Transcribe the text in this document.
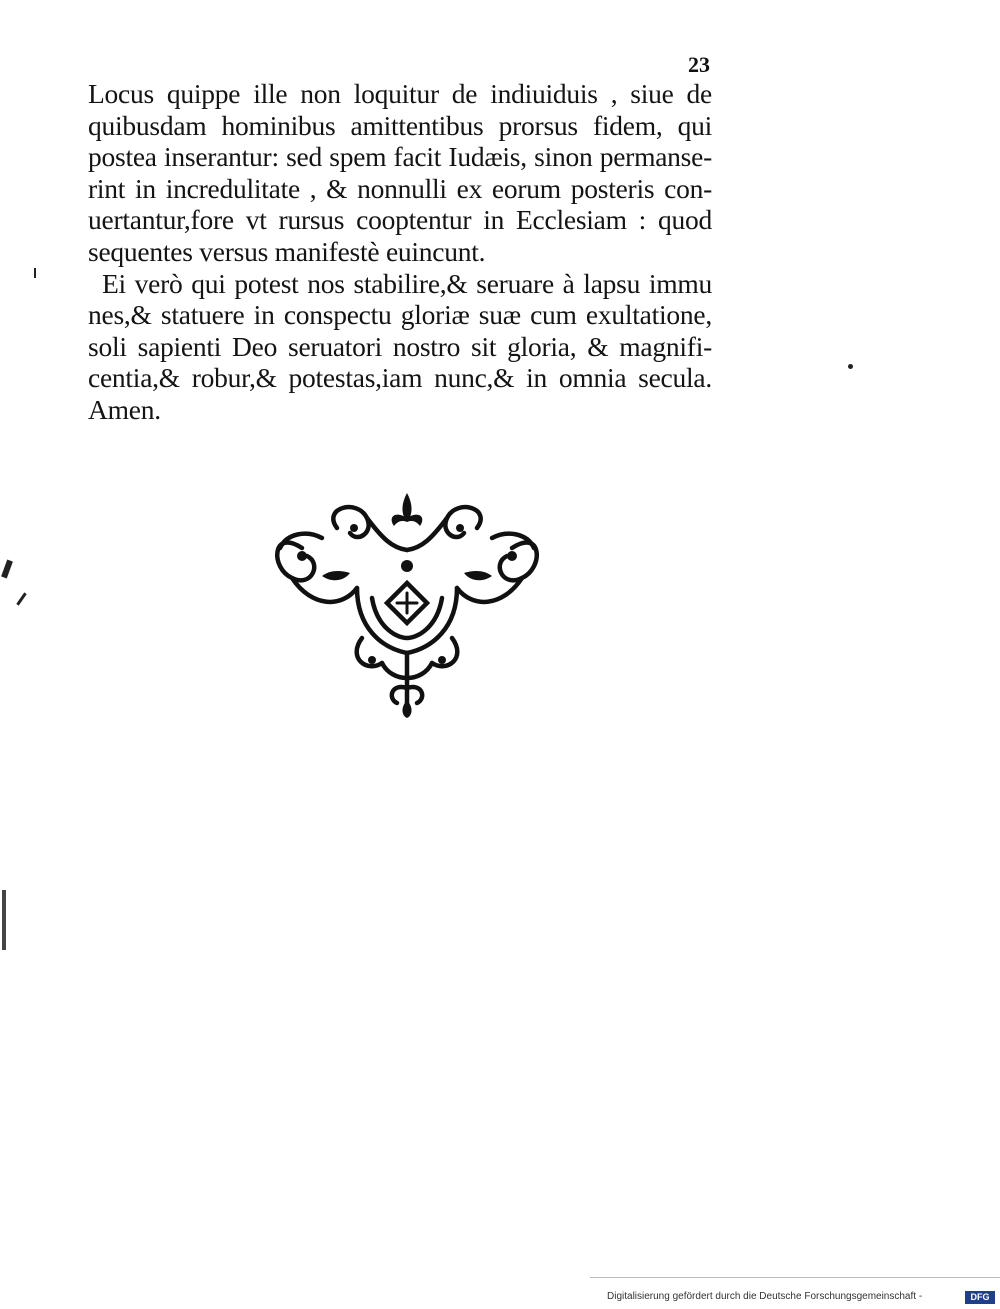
23
Locus quippe ille non loquitur de indiuiduis , siue de
quibusdam hominibus amittentibus prorsus fidem, qui
postea inserantur: sed spem facit Iudæis, sinon permanse-
rint in incredulitate , & nonnulli ex eorum posteris con-
uertantur,fore vt rursus cooptentur in Ecclesiam : quod
sequentes versus manifestè euincunt.
Ei verò qui potest nos stabilire,& seruare à lapsu immu
nes,& statuere in conspectu gloriæ suæ cum exultatione,
soli sapienti Deo seruatori nostro sit gloria, & magnifi-
centia,& robur,& potestas,iam nunc,& in omnia secula.
Amen.
Digitalisierung gefördert durch die Deutsche Forschungsgemeinschaft -	DFG
